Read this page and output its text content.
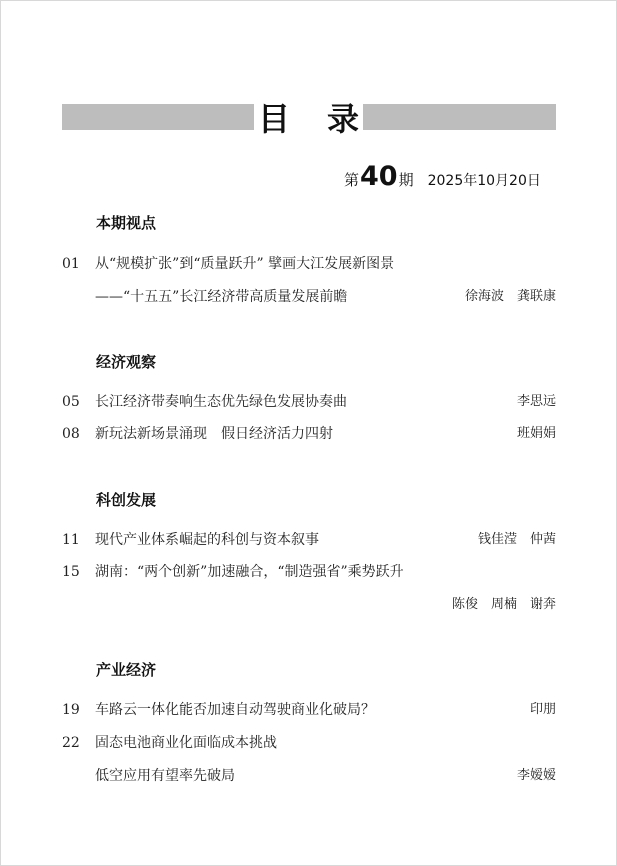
目 录
第 40 期 2025年10月20日
本期视点
01	从“规模扩张”到“质量跃升” 擘画大江发展新图景
——“十五五”长江经济带高质量发展前瞻	徐海波　龚联康
经济观察
05	长江经济带奏响生态优先绿色发展协奏曲	李思远
08	新玩法新场景涌现　假日经济活力四射	班娟娟
科创发展
11	现代产业体系崛起的科创与资本叙事	钱佳滢　仲茜
15	湖南：“两个创新”加速融合，“制造强省”乘势跃升
陈俊　周楠　谢奔
产业经济
19	车路云一体化能否加速自动驾驶商业化破局？	印朋
22	固态电池商业化面临成本挑战
低空应用有望率先破局	李嫒嫒
